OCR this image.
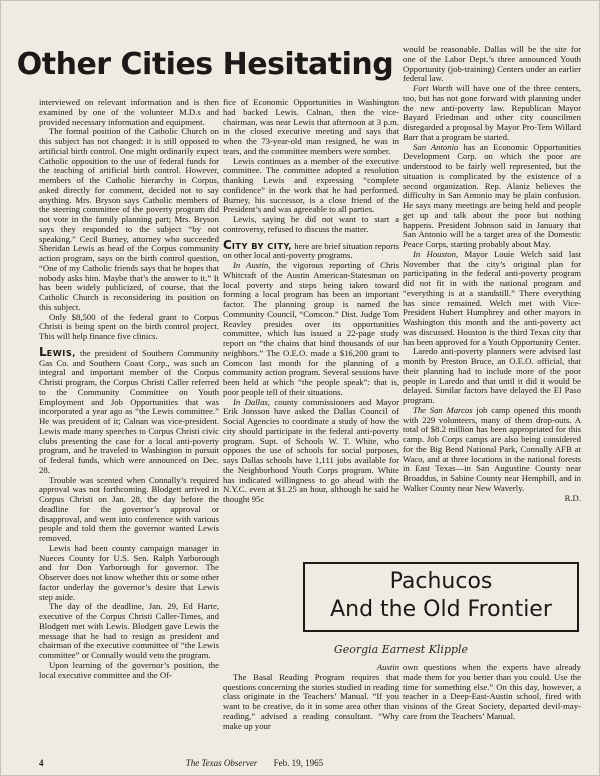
Other Cities Hesitating

interviewed on relevant information and is then examined by one of the volunteer M.D.s and provided necessary information and equipment.

The formal position of the Catholic Church on this subject has not changed: it is still opposed to artificial birth control. One might ordinarily expect Catholic opposition to the use of federal funds for the teaching of artificial birth control. However, members of the Catholic hierarchy in Corpus, asked directly for comment, decided not to say anything. Mrs. Bryson says Catholic members of the steering committee of the poverty program did not vote in the family planning part; Mrs. Bryson says they responded to the subject “by not speaking.” Cecil Burney, attorney who succeeded Sheridan Lewis as head of the Corpus community action program, says on the birth control question, “One of my Catholic friends says that he hopes that nobody asks him. Maybe that’s the answer to it.” It has been widely publicized, of course, that the Catholic Church is reconsidering its position on this subject.

Only $8,500 of the federal grant to Corpus Christi is being spent on the birth control project. This will help finance five clinics.

LEWIS, the president of Southern Community Gas Co. and Southern Coast Corp., was such an integral and important member of the Corpus Christi program, the Corpus Christi Caller referred to the Community Committee on Youth Employment and Job Opportunities that was incorporated a year ago as “the Lewis committee.” He was president of it; Calnan was vice-president. Lewis made many speeches to Corpus Christi civic clubs presenting the case for a local anti-poverty program, and he traveled to Washington in pursuit of federal funds, which were announced on Dec. 28.

Trouble was scented when Connally’s required approval was not forthcoming. Blodgett arrived in Corpus Christi on Jan. 28, the day before the deadline for the governor’s approval or disapproval, and went into conference with various people and told them the governor wanted Lewis removed.

Lewis had been county campaign manager in Nueces County for U.S. Sen. Ralph Yarborough and for Don Yarborough for governor. The Observer does not know whether this or some other factor underlay the governor’s desire that Lewis step aside.

The day of the deadline, Jan. 29, Ed Harte, executive of the Corpus Christi Caller-Times, and Blodgett met with Lewis. Blodgett gave Lewis the message that he had to resign as president and chairman of the executive committee of “the Lewis committee” or Connally would veto the program.

Upon learning of the governor’s position, the local executive committee and the Of-

fice of Economic Opportunities in Washington had backed Lewis. Calnan, then the vice-chairman, was near Lewis that afternoon at 3 p.m. in the closed executive meeting and says that when the 73-year-old man resigned, he was in tears, and the committee members were somber.

Lewis continues as a member of the executive committee. The committee adopted a resolution thanking Lewis and expressing “complete confidence” in the work that he had performed. Burney, his successor, is a close friend of the President’s and was agreeable to all parties.

Lewis, saying he did not want to start a controversy, refused to discuss the matter.

CITY BY CITY, here are brief situation reports on other local anti-poverty programs.

In Austin, the vigorous reporting of Chris Whitcraft of the Austin American-Statesman on local poverty and steps being taken toward forming a local program has been an important factor. The planning group is named the Community Council, “Comcon.” Dist. Judge Tom Reavley presides over its opportunities committee, which has issued a 22-page study report on “the chains that bind thousands of our neighbors.” The O.E.O. made a $16,200 grant to Comcon last month for the planning of a community action program. Several sessions have been held at which “the people speak”: that is, poor people tell of their situations.

In Dallas, county commissioners and Mayor Erik Jonsson have asked the Dallas Council of Social Agencies to coordinate a study of how the city should participate in the federal anti-poverty program. Supt. of Schools W. T. White, who opposes the use of schools for social purposes, says Dallas schools have 1,111 jobs available for the Neighborhood Youth Corps program. White has indicated willingness to go ahead with the N.Y.C. even at $1.25 an hour, although he said he thought 95c

would be reasonable. Dallas will be the site for one of the Labor Dept.’s three announced Youth Opportunity (job-training) Centers under an earlier federal law.

Fort Worth will have one of the three centers, too, but has not gone forward with planning under the new anti-poverty law. Republican Mayor Bayard Friedman and other city councilmen disregarded a proposal by Mayor Pro-Tem Willard Barr that a program be started.

San Antonio has an Economic Opportunities Development Corp. on which the poor are understood to be fairly well represented, but the situation is complicated by the existence of a second organization. Rep. Alaniz believes the difficulty in San Antonio may be plain confusion. He says many meetings are being held and people get up and talk about the poor but nothing happens. President Johnson said in January that San Antonio will be a target area of the Domestic Peace Corps, starting probably about May.

In Houston, Mayor Louie Welch said last November that the city’s original plan for participating in the federal anti-poverty program did not fit in with the national program and “everything is at a standstill.” There everything has since remained. Welch met with Vice-President Hubert Humphrey and other mayors in Washington this month and the anti-poverty act was discussed. Houston is the third Texas city that has been approved for a Youth Opportunity Center.

Laredo anti-poverty planners were advised last month by Preston Bruce, an O.E.O. official, that their planning had to include more of the poor people in Laredo and that until it did it would be delayed. Similar factors have delayed the El Paso program.

The San Marcos job camp opened this month with 229 volunteers, many of them drop-outs. A total of $8.2 million has been appropriated for this camp. Job Corps camps are also being considered for the Big Bend National Park, Connally AFB at Waco, and at three locations in the national forests in East Texas—in San Augustine County near Broaddus, in Sabine County near Hemphill, and in Walker County near New Waverly.

R.D.

Pachucos
And the Old Frontier
Georgia Earnest Klipple

Austin

The Basal Reading Program requires that questions concerning the stories studied in reading class originate in the Teachers’ Manual. “If you want to be creative, do it in some area other than reading,” advised a reading consultant. “Why make up your

own questions when the experts have already made them for you better than you could. Use the time for something else.” On this day, however, a teacher in a Deep-East-Austin school, fired with visions of the Great Society, departed devil-may-care from the Teachers’ Manual.

4	The Texas Observer Feb. 19, 1965
